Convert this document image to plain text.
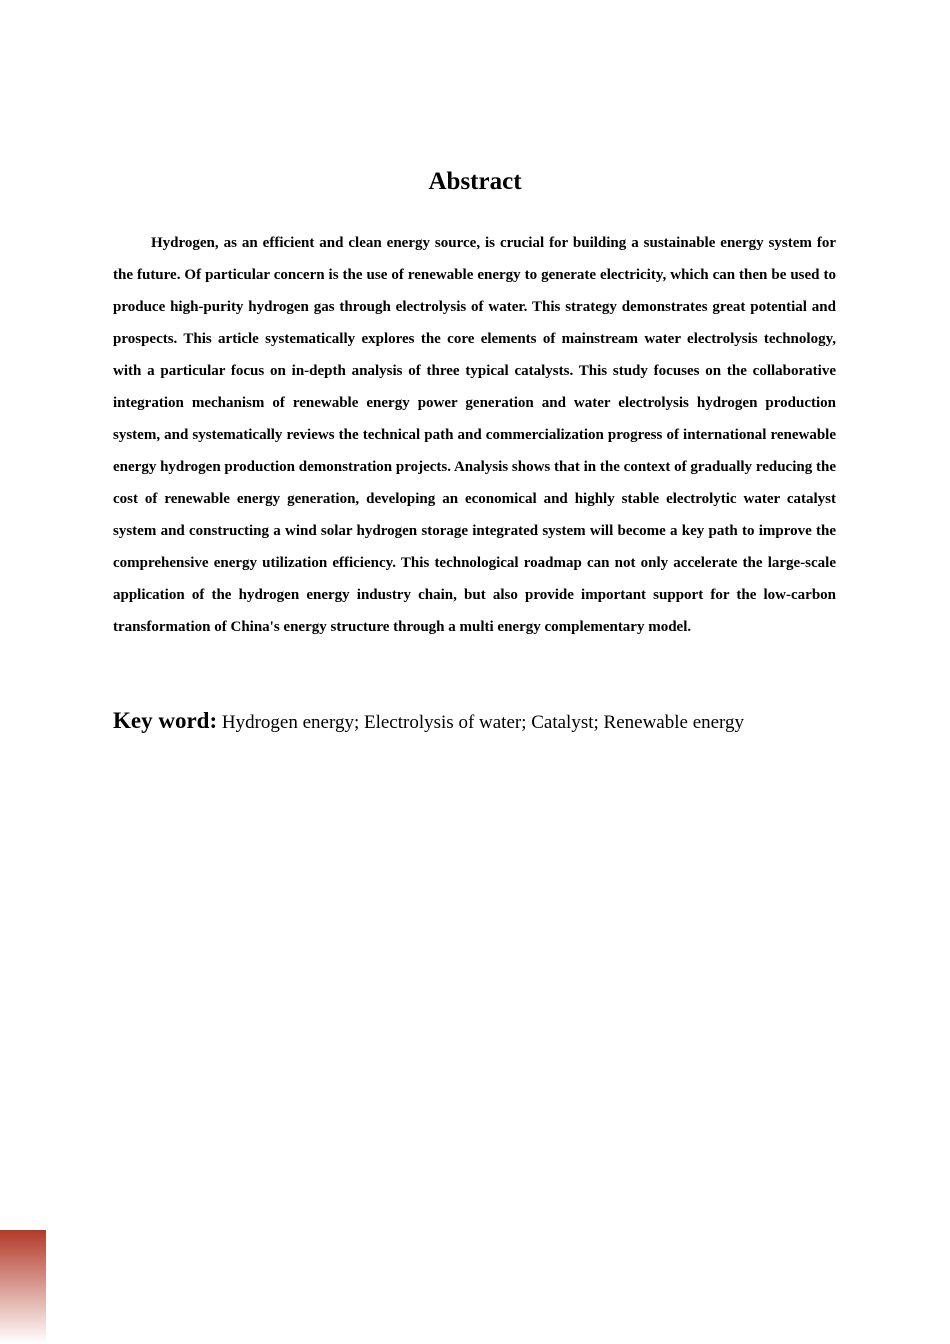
Abstract

Hydrogen, as an efficient and clean energy source, is crucial for building a sustainable energy system for the future. Of particular concern is the use of renewable energy to generate electricity, which can then be used to produce high-purity hydrogen gas through electrolysis of water. This strategy demonstrates great potential and prospects. This article systematically explores the core elements of mainstream water electrolysis technology, with a particular focus on in-depth analysis of three typical catalysts. This study focuses on the collaborative integration mechanism of renewable energy power generation and water electrolysis hydrogen production system, and systematically reviews the technical path and commercialization progress of international renewable energy hydrogen production demonstration projects. Analysis shows that in the context of gradually reducing the cost of renewable energy generation, developing an economical and highly stable electrolytic water catalyst system and constructing a wind solar hydrogen storage integrated system will become a key path to improve the comprehensive energy utilization efficiency. This technological roadmap can not only accelerate the large-scale application of the hydrogen energy industry chain, but also provide important support for the low-carbon transformation of China's energy structure through a multi energy complementary model.

Key word: Hydrogen energy; Electrolysis of water; Catalyst; Renewable energy
